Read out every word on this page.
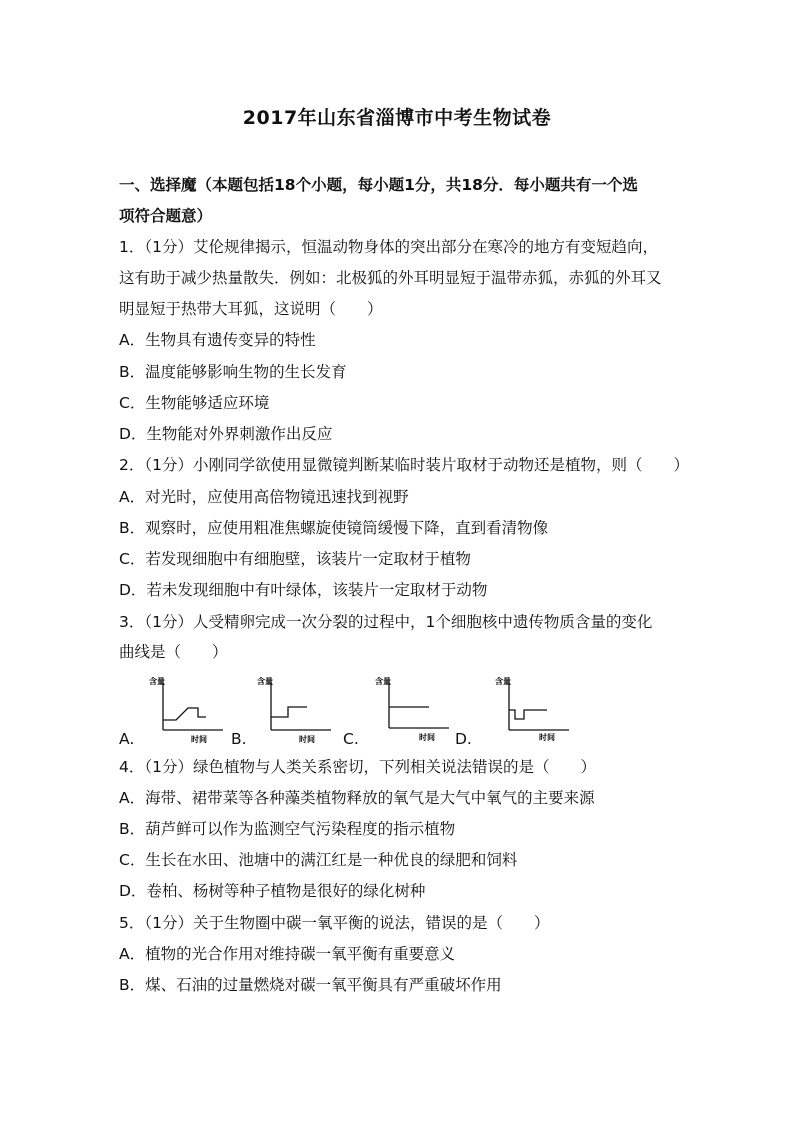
2017年山东省淄博市中考生物试卷
一、选择魔（本题包括18个小题，每小题1分，共18分．每小题共有一个选
项符合题意）
1．（1分）艾伦规律揭示，恒温动物身体的突出部分在寒冷的地方有变短趋向，
这有助于减少热量散失．例如：北极狐的外耳明显短于温带赤狐，赤狐的外耳又
明显短于热带大耳狐，这说明（　　）
A．生物具有遗传变异的特性
B．温度能够影响生物的生长发育
C．生物能够适应环境
D．生物能对外界刺激作出反应
2．（1分）小刚同学欲使用显微镜判断某临时装片取材于动物还是植物，则（　　）
A．对光时，应使用高倍物镜迅速找到视野
B．观察时，应使用粗准焦螺旋使镜筒缓慢下降，直到看清物像
C．若发现细胞中有细胞壁，该装片一定取材于植物
D．若未发现细胞中有叶绿体，该装片一定取材于动物
3．（1分）人受精卵完成一次分裂的过程中，1个细胞核中遗传物质含量的变化
曲线是（　　）
A.
含量
时间 B.
含量
时间 C.
含量
时间 D.
含量
时间
4．（1分）绿色植物与人类关系密切，下列相关说法错误的是（　　）
A．海带、裙带菜等各种藻类植物释放的氧气是大气中氧气的主要来源
B．葫芦鲜可以作为监测空气污染程度的指示植物
C．生长在水田、池塘中的满江红是一种优良的绿肥和饲料
D．卷柏、杨树等种子植物是很好的绿化树种
5．（1分）关于生物圈中碳一氧平衡的说法，错误的是（　　）
A．植物的光合作用对维持碳一氧平衡有重要意义
B．煤、石油的过量燃烧对碳一氧平衡具有严重破坏作用
